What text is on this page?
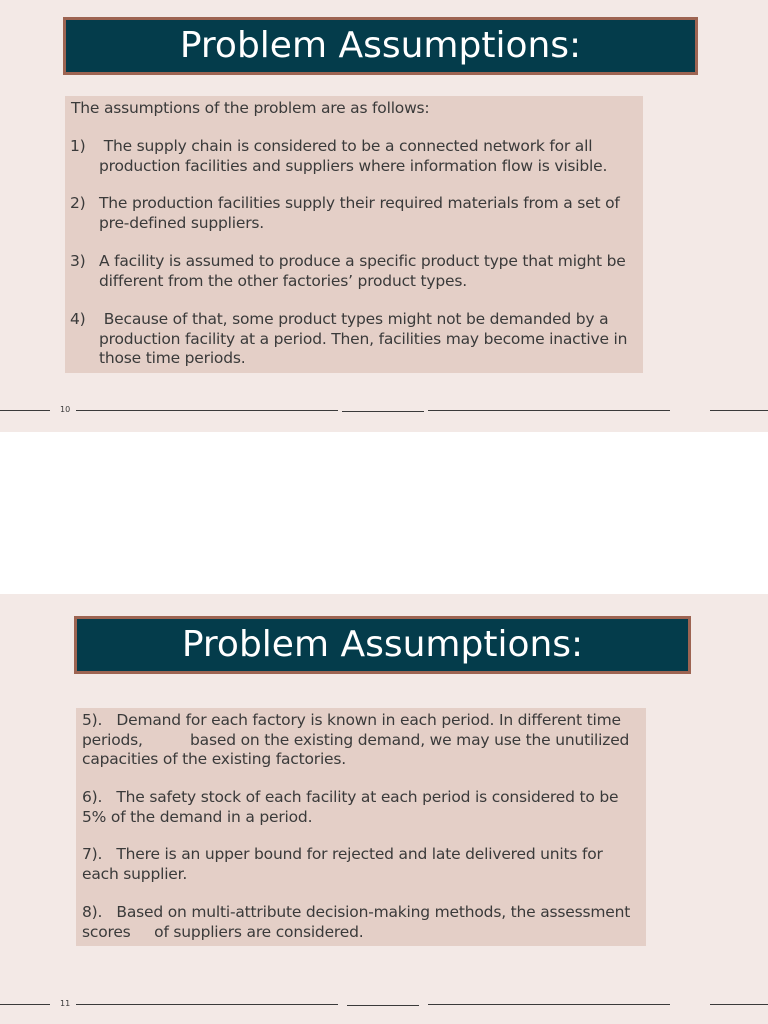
Problem Assumptions:
The assumptions of the problem are as follows:
1) The supply chain is considered to be a connected network for all production facilities and suppliers where information flow is visible.
2) The production facilities supply their required materials from a set of pre-defined suppliers.
3) A facility is assumed to produce a specific product type that might be different from the other factories’ product types.
4) Because of that, some product types might not be demanded by a production facility at a period. Then, facilities may become inactive in those time periods.
10
Problem Assumptions:
5).   Demand for each factory is known in each period. In different time periods,          based on the existing demand, we may use the unutilized capacities of the existing factories.
6).   The safety stock of each facility at each period is considered to be 5% of the demand in a period.
7).   There is an upper bound for rejected and late delivered units for each supplier.
8).   Based on multi-attribute decision-making methods, the assessment scores     of suppliers are considered.
11
